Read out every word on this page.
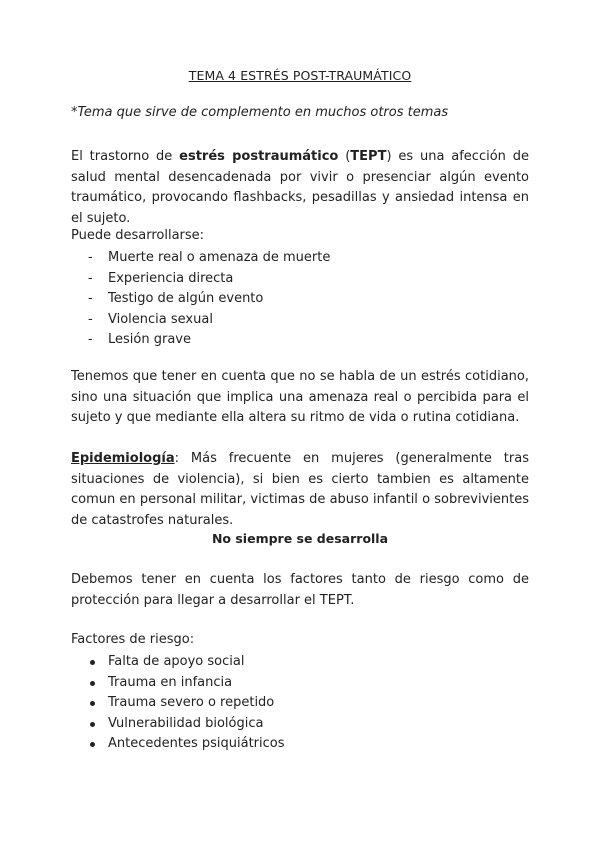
TEMA 4 ESTRÉS POST-TRAUMÁTICO
*Tema que sirve de complemento en muchos otros temas
El trastorno de estrés postraumático (TEPT) es una afección de salud mental desencadenada por vivir o presenciar algún evento traumático, provocando flashbacks, pesadillas y ansiedad intensa en el sujeto.
Puede desarrollarse:
- Muerte real o amenaza de muerte
- Experiencia directa
- Testigo de algún evento
- Violencia sexual
- Lesión grave
Tenemos que tener en cuenta que no se habla de un estrés cotidiano, sino una situación que implica una amenaza real o percibida para el sujeto y que mediante ella altera su ritmo de vida o rutina cotidiana.
Epidemiología: Más frecuente en mujeres (generalmente tras situaciones de violencia), si bien es cierto tambien es altamente comun en personal militar, victimas de abuso infantil o sobrevivientes de catastrofes naturales.
No siempre se desarrolla
Debemos tener en cuenta los factores tanto de riesgo como de protección para llegar a desarrollar el TEPT.
Factores de riesgo:
Falta de apoyo social
Trauma en infancia
Trauma severo o repetido
Vulnerabilidad biológica
Antecedentes psiquiátricos
